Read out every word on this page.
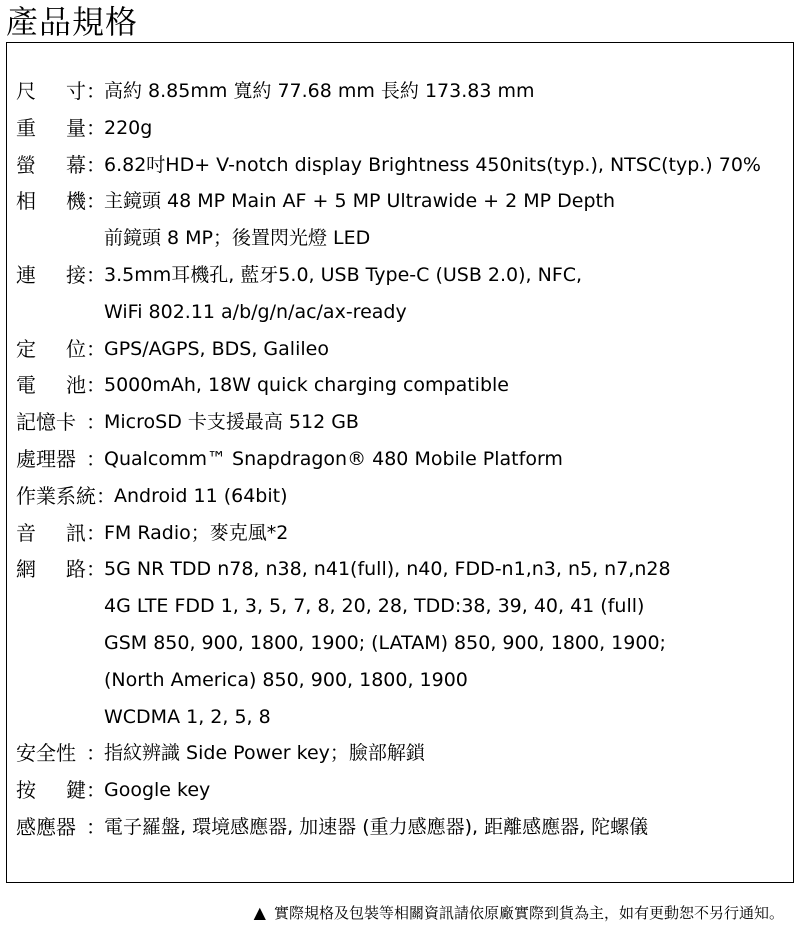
產品規格
尺 寸 ：
高約 8.85mm 寬約 77.68 mm 長約 173.83 mm
重 量 ：
220g
螢 幕 ：
6.82吋HD+ V-notch display Brightness 450nits(typ.), NTSC(typ.) 70%
相 機 ：
主鏡頭 48 MP Main AF + 5 MP Ultrawide + 2 MP Depth
前鏡頭 8 MP；後置閃光燈 LED
連 接 ：
3.5mm耳機孔, 藍牙5.0, USB Type-C (USB 2.0), NFC,
WiFi 802.11 a/b/g/n/ac/ax-ready
定 位 ：
GPS/AGPS, BDS, Galileo
電 池 ：
5000mAh, 18W quick charging compatible
記憶卡 ：
MicroSD 卡支援最高 512 GB
處理器 ：
Qualcomm™ Snapdragon® 480 Mobile Platform
作業系統 ：
Android 11 (64bit)
音 訊 ：
FM Radio；麥克風*2
網 路 ：
5G NR TDD n78, n38, n41(full), n40, FDD-n1,n3, n5, n7,n28
4G LTE FDD 1, 3, 5, 7, 8, 20, 28, TDD:38, 39, 40, 41 (full)
GSM 850, 900, 1800, 1900; (LATAM) 850, 900, 1800, 1900;
(North America) 850, 900, 1800, 1900
WCDMA 1, 2, 5, 8
安全性 ：
指紋辨識 Side Power key；臉部解鎖
按 鍵 ：
Google key
感應器 ：
電子羅盤, 環境感應器, 加速器 (重力感應器), 距離感應器, 陀螺儀
▲ 實際規格及包裝等相關資訊請依原廠實際到貨為主，如有更動恕不另行通知。
